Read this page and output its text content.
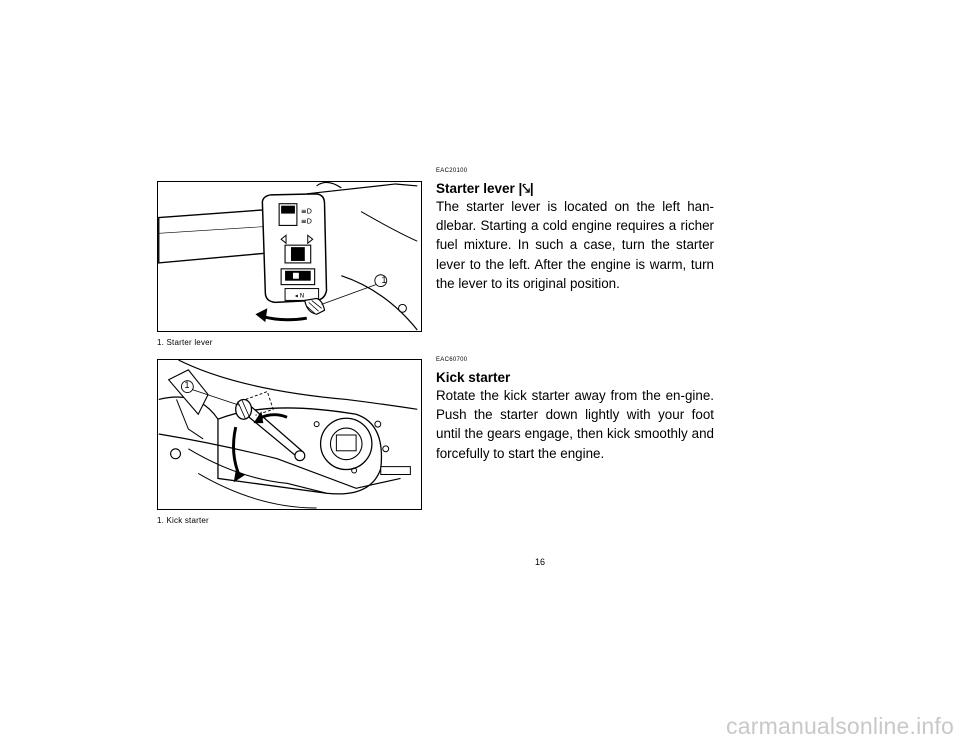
≡D
≡D
◂ N
1
1. Starter lever
1
1. Kick starter
EAC20100
Starter lever |⤥|
The starter lever is located on the left han-dlebar. Starting a cold engine requires a richer fuel mixture. In such a case, turn the starter lever to the left. After the engine is warm, turn the lever to its original position.
EAC60700
Kick starter
Rotate the kick starter away from the en-gine. Push the starter down lightly with your foot until the gears engage, then kick smoothly and forcefully to start the engine.
16
carmanualsonline.info
